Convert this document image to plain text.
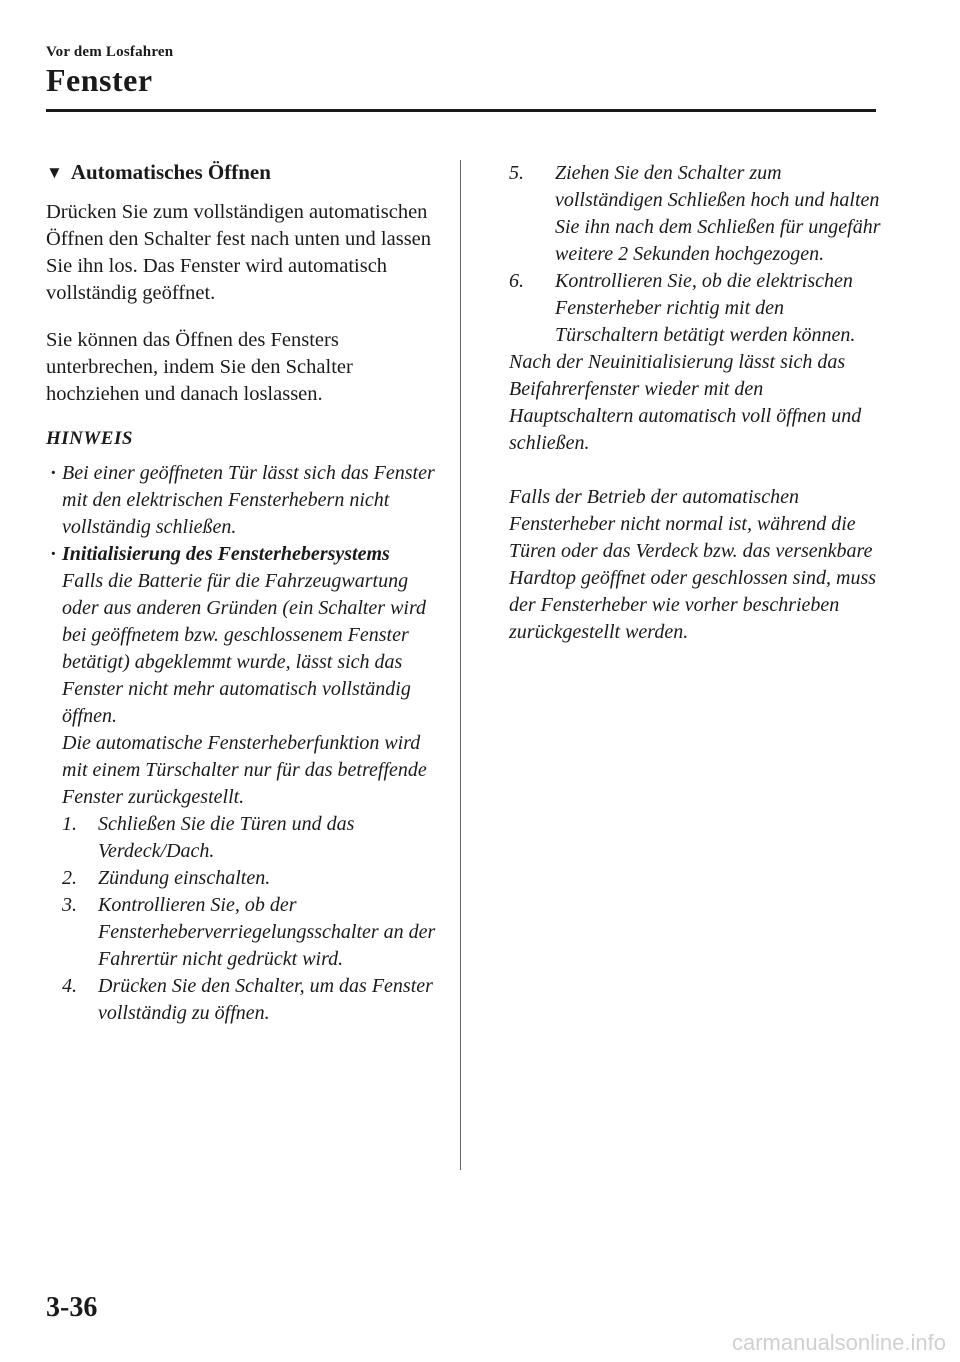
Vor dem Losfahren
Fenster
▼ Automatisches Öffnen

Drücken Sie zum vollständigen automatischen Öffnen den Schalter fest nach unten und lassen Sie ihn los. Das Fenster wird automatisch vollständig geöffnet.

Sie können das Öffnen des Fensters unterbrechen, indem Sie den Schalter hochziehen und danach loslassen.

HINWEIS
· Bei einer geöffneten Tür lässt sich das Fenster mit den elektrischen Fensterhebern nicht vollständig schließen.
· Initialisierung des Fensterhebersystems
Falls die Batterie für die Fahrzeugwartung oder aus anderen Gründen (ein Schalter wird bei geöffnetem bzw. geschlossenem Fenster betätigt) abgeklemmt wurde, lässt sich das Fenster nicht mehr automatisch vollständig öffnen.
Die automatische Fensterheberfunktion wird mit einem Türschalter nur für das betreffende Fenster zurückgestellt.
1.	Schließen Sie die Türen und das Verdeck/Dach.
2.	Zündung einschalten.
3.	Kontrollieren Sie, ob der Fensterheberverriegelungsschalter an der Fahrertür nicht gedrückt wird.
4.	Drücken Sie den Schalter, um das Fenster vollständig zu öffnen.
5.	Ziehen Sie den Schalter zum vollständigen Schließen hoch und halten Sie ihn nach dem Schließen für ungefähr weitere 2 Sekunden hochgezogen.
6.	Kontrollieren Sie, ob die elektrischen Fensterheber richtig mit den Türschaltern betätigt werden können.
Nach der Neuinitialisierung lässt sich das Beifahrerfenster wieder mit den Hauptschaltern automatisch voll öffnen und schließen.
Falls der Betrieb der automatischen Fensterheber nicht normal ist, während die Türen oder das Verdeck bzw. das versenkbare Hardtop geöffnet oder geschlossen sind, muss der Fensterheber wie vorher beschrieben zurückgestellt werden.
3-36
carmanualsonline.info
